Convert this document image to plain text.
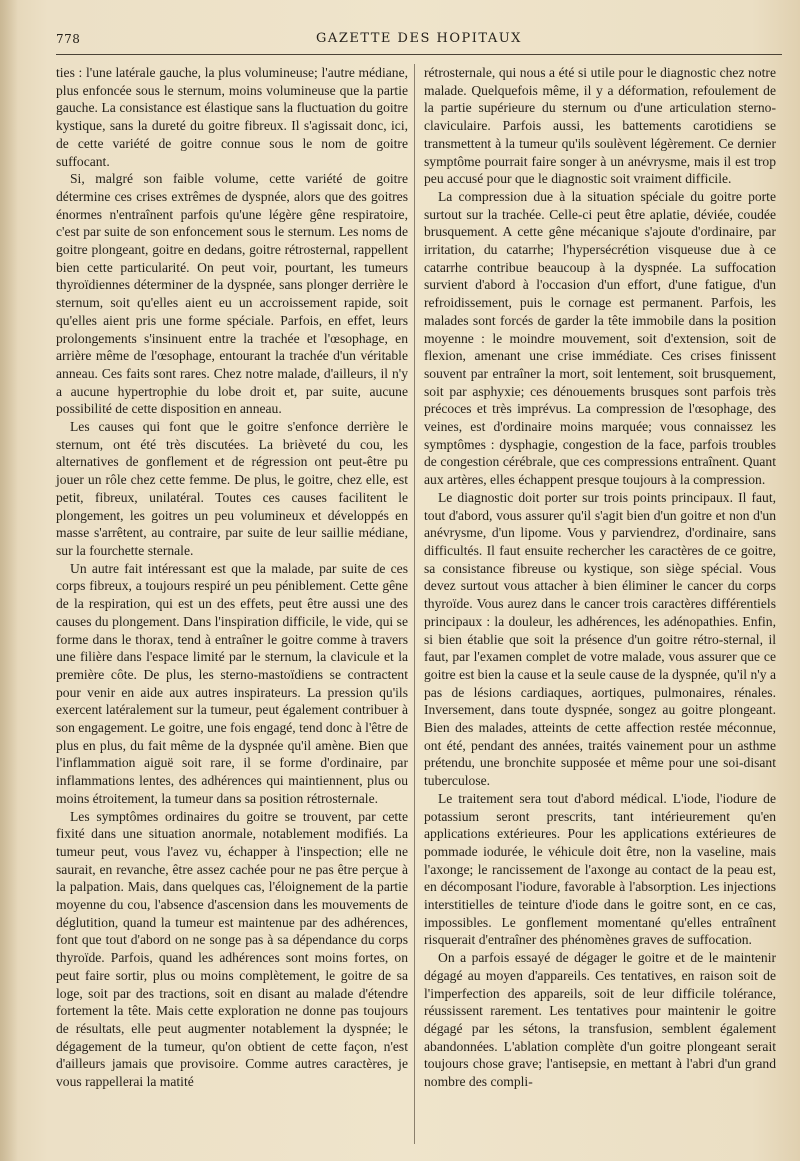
778	GAZETTE DES HOPITAUX

ties : l'une latérale gauche, la plus volumineuse; l'autre médiane, plus enfoncée sous le sternum, moins volumineuse que la partie gauche. La consistance est élastique sans la fluctuation du goitre kystique, sans la dureté du goitre fibreux. Il s'agissait donc, ici, de cette variété de goitre connue sous le nom de goitre suffocant.

Si, malgré son faible volume, cette variété de goitre détermine ces crises extrêmes de dyspnée, alors que des goitres énormes n'entraînent parfois qu'une légère gêne respiratoire, c'est par suite de son enfoncement sous le sternum. Les noms de goitre plongeant, goitre en dedans, goitre rétrosternal, rappellent bien cette particularité. On peut voir, pourtant, les tumeurs thyroïdiennes déterminer de la dyspnée, sans plonger derrière le sternum, soit qu'elles aient eu un accroissement rapide, soit qu'elles aient pris une forme spéciale. Parfois, en effet, leurs prolongements s'insinuent entre la trachée et l'œsophage, en arrière même de l'œsophage, entourant la trachée d'un véritable anneau. Ces faits sont rares. Chez notre malade, d'ailleurs, il n'y a aucune hypertrophie du lobe droit et, par suite, aucune possibilité de cette disposition en anneau.

Les causes qui font que le goitre s'enfonce derrière le sternum, ont été très discutées. La brièveté du cou, les alternatives de gonflement et de régression ont peut-être pu jouer un rôle chez cette femme. De plus, le goitre, chez elle, est petit, fibreux, unilatéral. Toutes ces causes facilitent le plongement, les goitres un peu volumineux et développés en masse s'arrêtent, au contraire, par suite de leur saillie médiane, sur la fourchette sternale.

Un autre fait intéressant est que la malade, par suite de ces corps fibreux, a toujours respiré un peu péniblement. Cette gêne de la respiration, qui est un des effets, peut être aussi une des causes du plongement. Dans l'inspiration difficile, le vide, qui se forme dans le thorax, tend à entraîner le goitre comme à travers une filière dans l'espace limité par le sternum, la clavicule et la première côte. De plus, les sterno-mastoïdiens se contractent pour venir en aide aux autres inspirateurs. La pression qu'ils exercent latéralement sur la tumeur, peut également contribuer à son engagement. Le goitre, une fois engagé, tend donc à l'être de plus en plus, du fait même de la dyspnée qu'il amène. Bien que l'inflammation aiguë soit rare, il se forme d'ordinaire, par inflammations lentes, des adhérences qui maintiennent, plus ou moins étroitement, la tumeur dans sa position rétrosternale.

Les symptômes ordinaires du goitre se trouvent, par cette fixité dans une situation anormale, notablement modifiés. La tumeur peut, vous l'avez vu, échapper à l'inspection; elle ne saurait, en revanche, être assez cachée pour ne pas être perçue à la palpation. Mais, dans quelques cas, l'éloignement de la partie moyenne du cou, l'absence d'ascension dans les mouvements de déglutition, quand la tumeur est maintenue par des adhérences, font que tout d'abord on ne songe pas à sa dépendance du corps thyroïde. Parfois, quand les adhérences sont moins fortes, on peut faire sortir, plus ou moins complètement, le goitre de sa loge, soit par des tractions, soit en disant au malade d'étendre fortement la tête. Mais cette exploration ne donne pas toujours de résultats, elle peut augmenter notablement la dyspnée; le dégagement de la tumeur, qu'on obtient de cette façon, n'est d'ailleurs jamais que provisoire. Comme autres caractères, je vous rappellerai la matité

rétrosternale, qui nous a été si utile pour le diagnostic chez notre malade. Quelquefois même, il y a déformation, refoulement de la partie supérieure du sternum ou d'une articulation sterno-claviculaire. Parfois aussi, les battements carotidiens se transmettent à la tumeur qu'ils soulèvent légèrement. Ce dernier symptôme pourrait faire songer à un anévrysme, mais il est trop peu accusé pour que le diagnostic soit vraiment difficile.

La compression due à la situation spéciale du goitre porte surtout sur la trachée. Celle-ci peut être aplatie, déviée, coudée brusquement. A cette gêne mécanique s'ajoute d'ordinaire, par irritation, du catarrhe; l'hypersécrétion visqueuse due à ce catarrhe contribue beaucoup à la dyspnée. La suffocation survient d'abord à l'occasion d'un effort, d'une fatigue, d'un refroidissement, puis le cornage est permanent. Parfois, les malades sont forcés de garder la tête immobile dans la position moyenne : le moindre mouvement, soit d'extension, soit de flexion, amenant une crise immédiate. Ces crises finissent souvent par entraîner la mort, soit lentement, soit brusquement, soit par asphyxie; ces dénouements brusques sont parfois très précoces et très imprévus. La compression de l'œsophage, des veines, est d'ordinaire moins marquée; vous connaissez les symptômes : dysphagie, congestion de la face, parfois troubles de congestion cérébrale, que ces compressions entraînent. Quant aux artères, elles échappent presque toujours à la compression.

Le diagnostic doit porter sur trois points principaux. Il faut, tout d'abord, vous assurer qu'il s'agit bien d'un goitre et non d'un anévrysme, d'un lipome. Vous y parviendrez, d'ordinaire, sans difficultés. Il faut ensuite rechercher les caractères de ce goitre, sa consistance fibreuse ou kystique, son siège spécial. Vous devez surtout vous attacher à bien éliminer le cancer du corps thyroïde. Vous aurez dans le cancer trois caractères différentiels principaux : la douleur, les adhérences, les adénopathies. Enfin, si bien établie que soit la présence d'un goitre rétro-sternal, il faut, par l'examen complet de votre malade, vous assurer que ce goitre est bien la cause et la seule cause de la dyspnée, qu'il n'y a pas de lésions cardiaques, aortiques, pulmonaires, rénales. Inversement, dans toute dyspnée, songez au goitre plongeant. Bien des malades, atteints de cette affection restée méconnue, ont été, pendant des années, traités vainement pour un asthme prétendu, une bronchite supposée et même pour une soi-disant tuberculose.

Le traitement sera tout d'abord médical. L'iode, l'iodure de potassium seront prescrits, tant intérieurement qu'en applications extérieures. Pour les applications extérieures de pommade iodurée, le véhicule doit être, non la vaseline, mais l'axonge; le rancissement de l'axonge au contact de la peau est, en décomposant l'iodure, favorable à l'absorption. Les injections interstitielles de teinture d'iode dans le goitre sont, en ce cas, impossibles. Le gonflement momentané qu'elles entraînent risquerait d'entraîner des phénomènes graves de suffocation.

On a parfois essayé de dégager le goitre et de le maintenir dégagé au moyen d'appareils. Ces tentatives, en raison soit de l'imperfection des appareils, soit de leur difficile tolérance, réussissent rarement. Les tentatives pour maintenir le goitre dégagé par les sétons, la transfusion, semblent également abandonnées. L'ablation complète d'un goitre plongeant serait toujours chose grave; l'antisepsie, en mettant à l'abri d'un grand nombre des compli-
